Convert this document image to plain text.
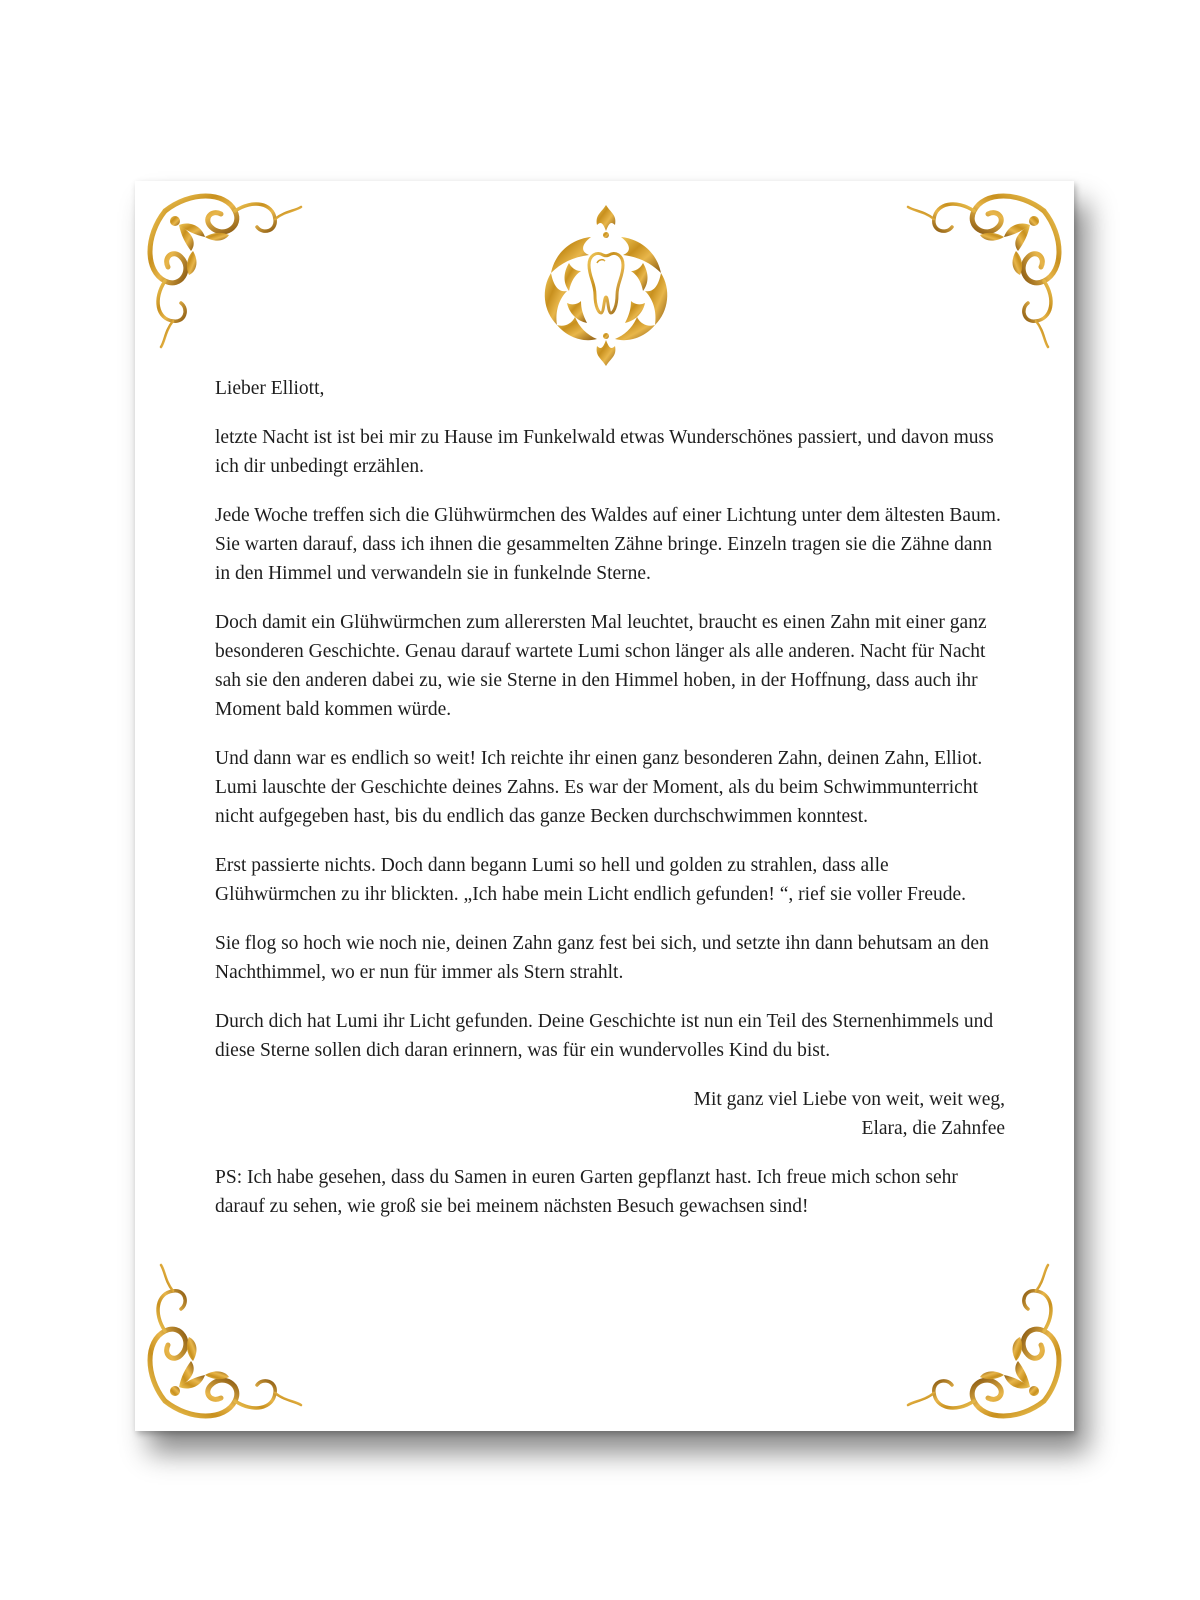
Lieber Elliott,

letzte Nacht ist ist bei mir zu Hause im Funkelwald etwas Wunderschönes passiert, und davon muss ich dir unbedingt erzählen.

Jede Woche treffen sich die Glühwürmchen des Waldes auf einer Lichtung unter dem ältesten Baum. Sie warten darauf, dass ich ihnen die gesammelten Zähne bringe. Einzeln tragen sie die Zähne dann in den Himmel und verwandeln sie in funkelnde Sterne.

Doch damit ein Glühwürmchen zum allerersten Mal leuchtet, braucht es einen Zahn mit einer ganz besonderen Geschichte. Genau darauf wartete Lumi schon länger als alle anderen. Nacht für Nacht sah sie den anderen dabei zu, wie sie Sterne in den Himmel hoben, in der Hoffnung, dass auch ihr Moment bald kommen würde.

Und dann war es endlich so weit! Ich reichte ihr einen ganz besonderen Zahn, deinen Zahn, Elliot. Lumi lauschte der Geschichte deines Zahns. Es war der Moment, als du beim Schwimmunterricht nicht aufgegeben hast, bis du endlich das ganze Becken durchschwimmen konntest.

Erst passierte nichts. Doch dann begann Lumi so hell und golden zu strahlen, dass alle Glühwürmchen zu ihr blickten. „Ich habe mein Licht endlich gefunden! “, rief sie voller Freude.

Sie flog so hoch wie noch nie, deinen Zahn ganz fest bei sich, und setzte ihn dann behutsam an den Nachthimmel, wo er nun für immer als Stern strahlt.

Durch dich hat Lumi ihr Licht gefunden. Deine Geschichte ist nun ein Teil des Sternenhimmels und diese Sterne sollen dich daran erinnern, was für ein wundervolles Kind du bist.

Mit ganz viel Liebe von weit, weit weg,
Elara, die Zahnfee

PS: Ich habe gesehen, dass du Samen in euren Garten gepflanzt hast. Ich freue mich schon sehr darauf zu sehen, wie groß sie bei meinem nächsten Besuch gewachsen sind!
